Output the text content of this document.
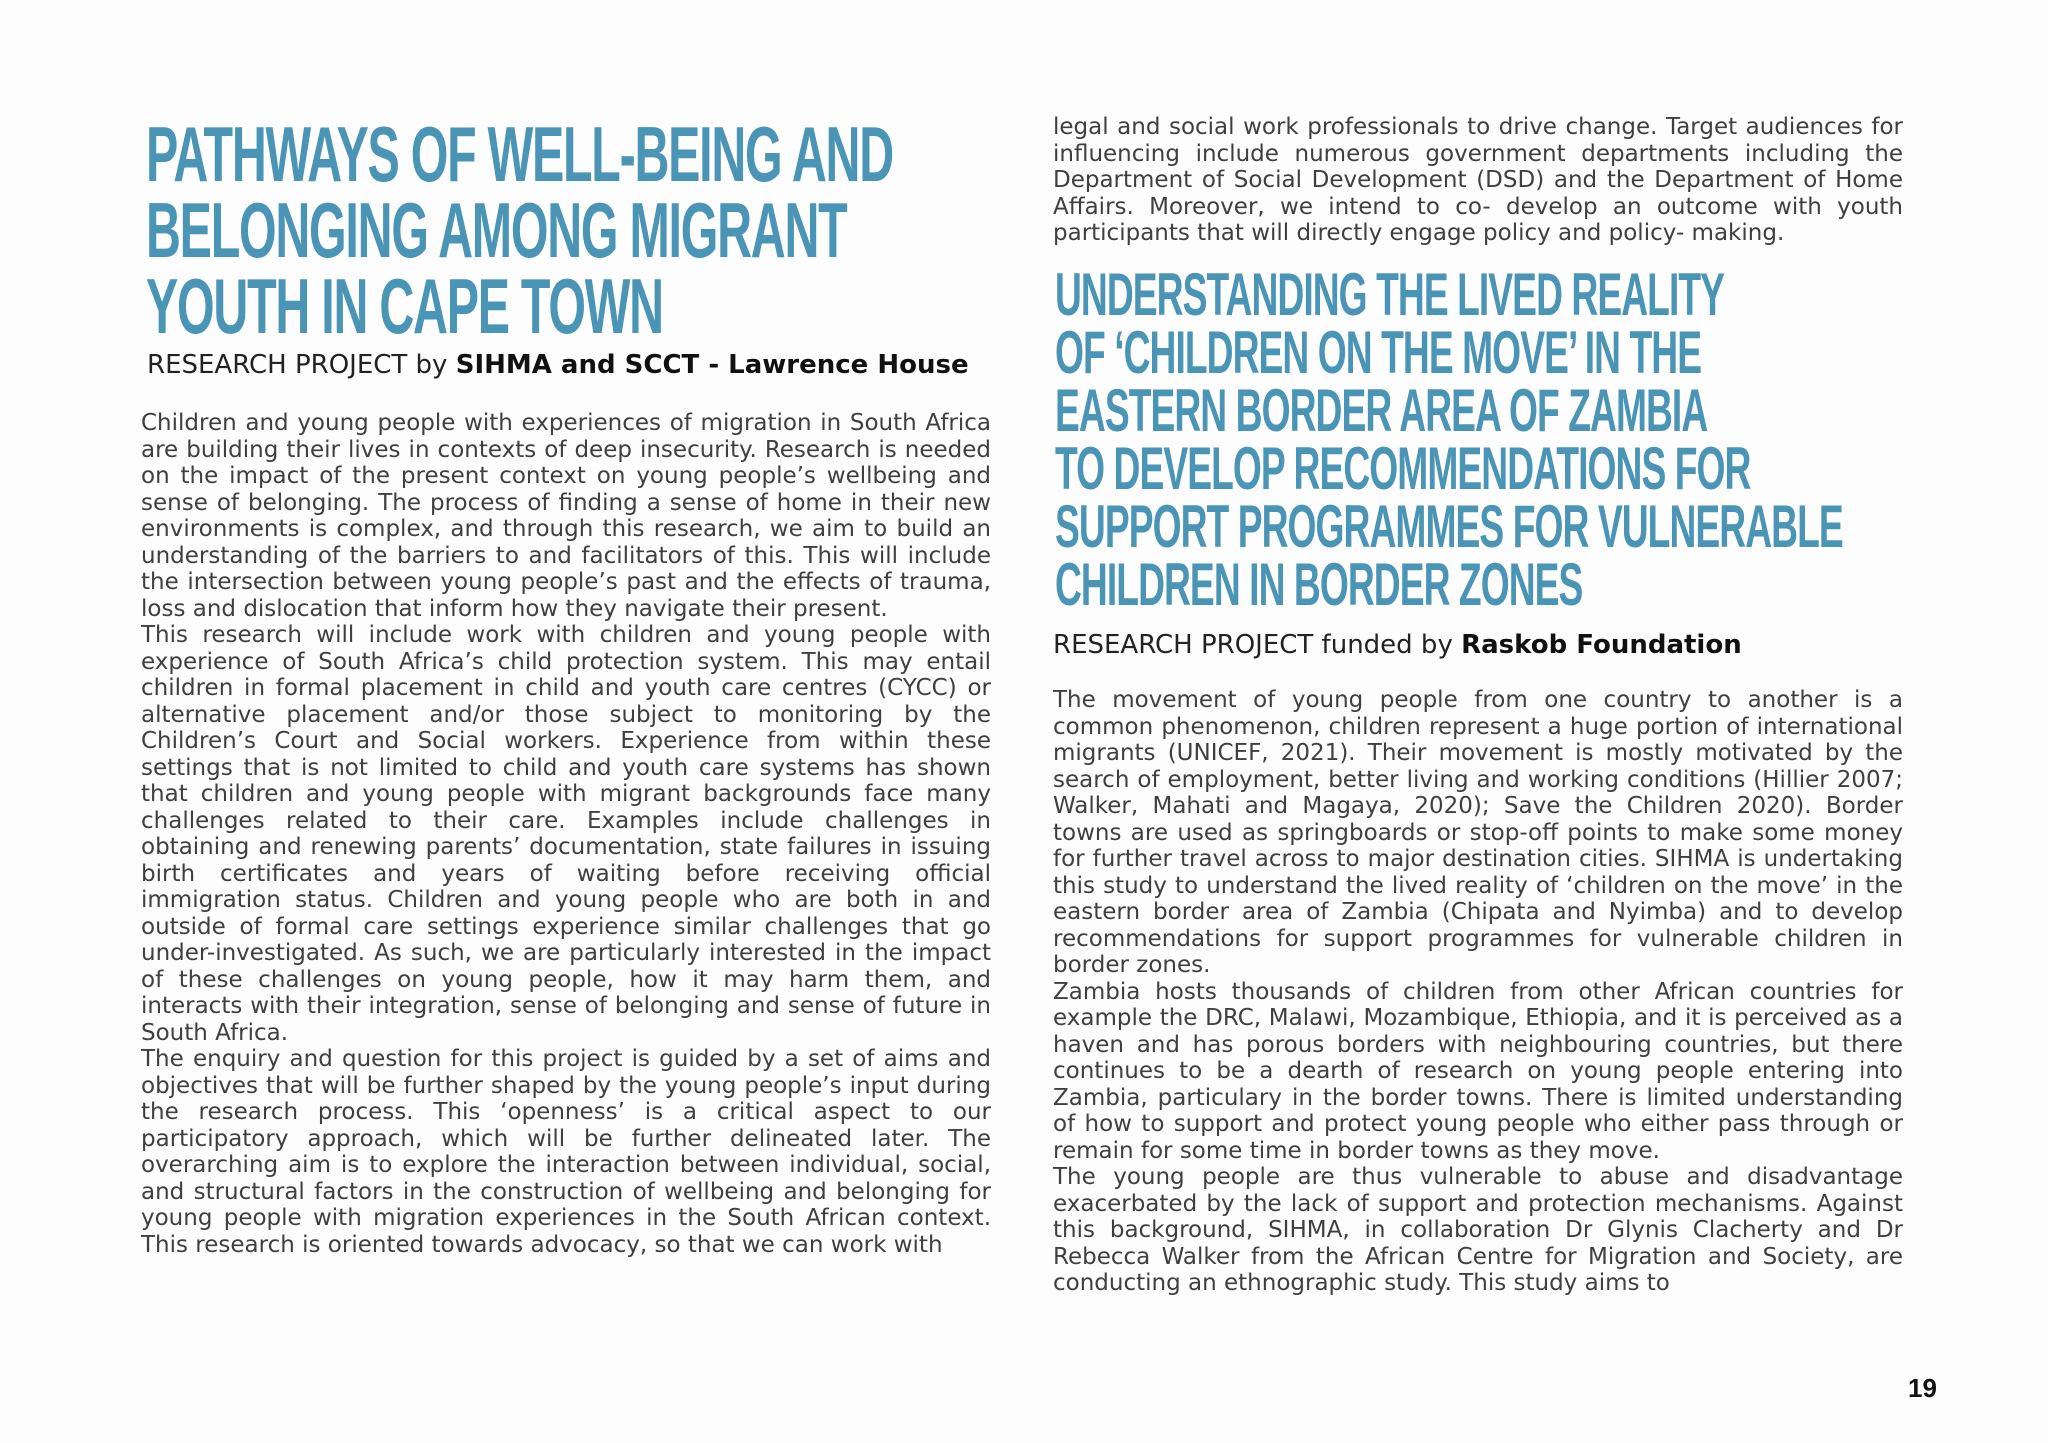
PATHWAYS OF WELL-BEING AND
BELONGING AMONG MIGRANT
YOUTH IN CAPE TOWN

RESEARCH PROJECT by SIHMA and SCCT - Lawrence House

Children and young people with experiences of migration in South Africa are building their lives in contexts of deep insecurity. Research is needed on the impact of the present context on young people’s wellbeing and sense of belonging. The process of finding a sense of home in their new environments is complex, and through this research, we aim to build an understanding of the barriers to and facilitators of this. This will include the intersection between young people’s past and the effects of trauma, loss and dislocation that inform how they navigate their present.

This research will include work with children and young people with experience of South Africa’s child protection system. This may entail children in formal placement in child and youth care centres (CYCC) or alternative placement and/or those subject to monitoring by the Children’s Court and Social workers. Experience from within these settings that is not limited to child and youth care systems has shown that children and young people with migrant backgrounds face many challenges related to their care. Examples include challenges in obtaining and renewing parents’ documentation, state failures in issuing birth certificates and years of waiting before receiving official immigration status. Children and young people who are both in and outside of formal care settings experience similar challenges that go under-investigated. As such, we are particularly interested in the impact of these challenges on young people, how it may harm them, and interacts with their integration, sense of belonging and sense of future in South Africa.

The enquiry and question for this project is guided by a set of aims and objectives that will be further shaped by the young people’s input during the research process. This ‘openness’ is a critical aspect to our participatory approach, which will be further delineated later. The overarching aim is to explore the interaction between individual, social, and structural factors in the construction of wellbeing and belonging for young people with migration experiences in the South African context. This research is oriented towards advocacy, so that we can work with

legal and social work professionals to drive change. Target audiences for influencing include numerous government departments including the Department of Social Development (DSD) and the Department of Home Affairs. Moreover, we intend to co- develop an outcome with youth participants that will directly engage policy and policy- making.

UNDERSTANDING THE LIVED REALITY
OF ‘CHILDREN ON THE MOVE’ IN THE
EASTERN BORDER AREA OF ZAMBIA
TO DEVELOP RECOMMENDATIONS FOR
SUPPORT PROGRAMMES FOR VULNERABLE
CHILDREN IN BORDER ZONES

RESEARCH PROJECT funded by Raskob Foundation

The movement of young people from one country to another is a common phenomenon, children represent a huge portion of international migrants (UNICEF, 2021). Their movement is mostly motivated by the search of employment, better living and working conditions (Hillier 2007; Walker, Mahati and Magaya, 2020); Save the Children 2020). Border towns are used as springboards or stop-off points to make some money for further travel across to major destination cities. SIHMA is undertaking this study to understand the lived reality of ‘children on the move’ in the eastern border area of Zambia (Chipata and Nyimba) and to develop recommendations for support programmes for vulnerable children in border zones.

Zambia hosts thousands of children from other African countries for example the DRC, Malawi, Mozambique, Ethiopia, and it is perceived as a haven and has porous borders with neighbouring countries, but there continues to be a dearth of research on young people entering into Zambia, particulary in the border towns. There is limited understanding of how to support and protect young people who either pass through or remain for some time in border towns as they move.

The young people are thus vulnerable to abuse and disadvantage exacerbated by the lack of support and protection mechanisms. Against this background, SIHMA, in collaboration Dr Glynis Clacherty and Dr Rebecca Walker from the African Centre for Migration and Society, are conducting an ethnographic study. This study aims to

19
